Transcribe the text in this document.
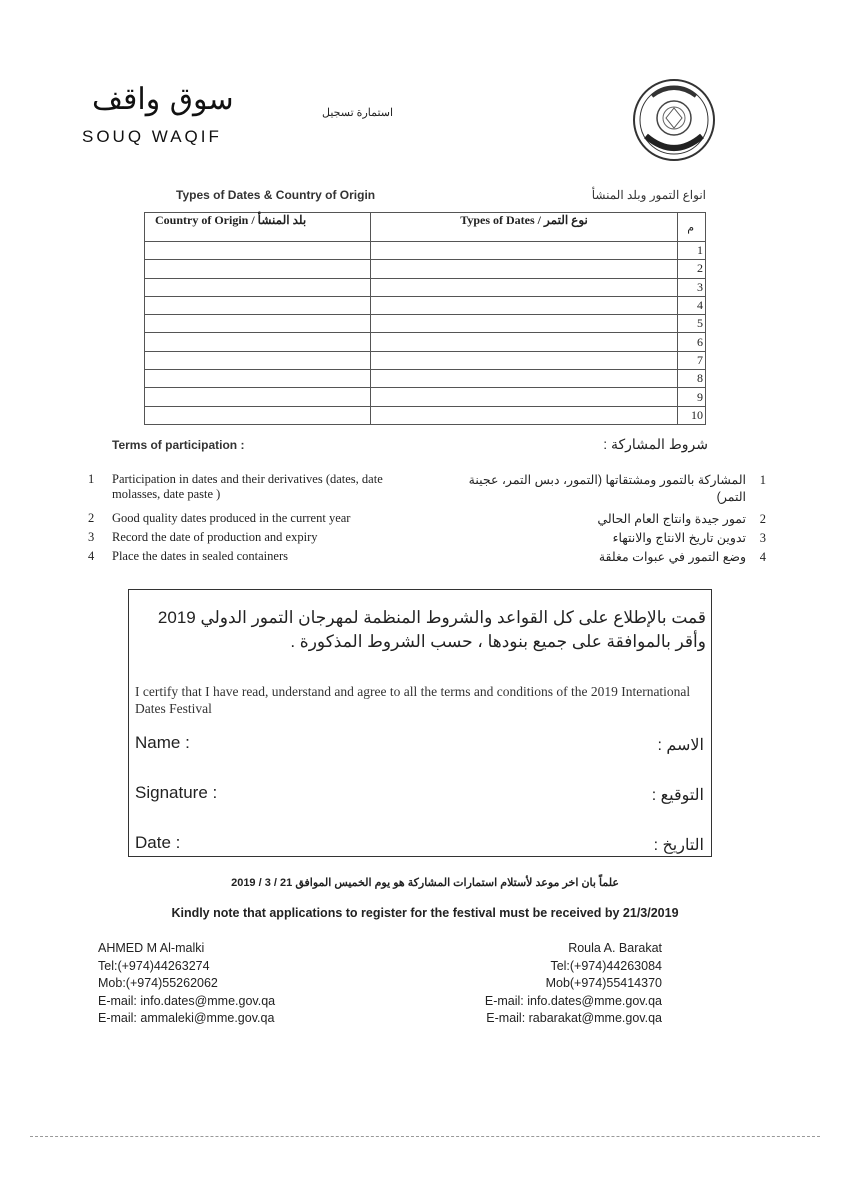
سوق واقف
SOUQ WAQIF
استمارة تسجيل
Types of Dates & Country of Origin	انواع التمور وبلد المنشأ
Country of Origin / بلد المنشأ	Types of Dates / نوع التمر	م
		1
		2
		3
		4
		5
		6
		7
		8
		9
		10
Terms of participation :	شروط المشاركة :
1 Participation in dates and their derivatives (dates, date molasses, date paste )
2 Good quality dates produced in the current year
3 Record the date of production and expiry
4 Place the dates in sealed containers
1
المشاركة بالتمور ومشتقاتها (التمور، دبس التمر، عجينة التمر)
2
تمور جيدة وانتاج العام الحالي
3
تدوين تاريخ الانتاج والانتهاء
4
وضع التمور في عبوات مغلقة
قمت بالإطلاع على كل القواعد والشروط المنظمة لمهرجان التمور الدولي 2019 وأقر بالموافقة على جميع بنودها ، حسب الشروط المذكورة .
I certify that I have read, understand and agree to all the terms and conditions of the 2019 International Dates Festival
Name :	الاسم :
Signature :	التوقيع :
Date :	التاريخ :
علماً بان اخر موعد لأستلام استمارات المشاركة هو يوم الخميس الموافق 21 / 3 / 2019
Kindly note that applications to register for the festival must be received by 21/3/2019
AHMED M Al-malki
Tel:(+974)44263274
Mob:(+974)55262062
E-mail: info.dates@mme.gov.qa
E-mail: ammaleki@mme.gov.qa
Roula A. Barakat
Tel:(+974)44263084
Mob(+974)55414370
E-mail: info.dates@mme.gov.qa
E-mail: rabarakat@mme.gov.qa
